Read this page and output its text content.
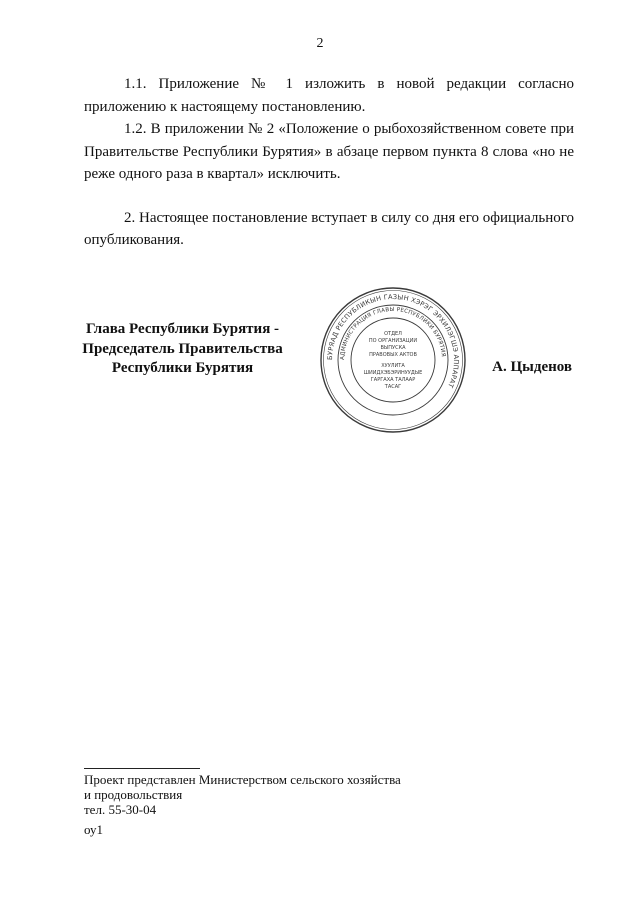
2

1.1. Приложение № 1 изложить в новой редакции согласно приложению к настоящему постановлению.

1.2. В приложении № 2 «Положение о рыбохозяйственном совете при Правительстве Республики Бурятия» в абзаце первом пункта 8 слова «но не реже одного раза в квартал» исключить.

2. Настоящее постановление вступает в силу со дня его официального опубликования.

Глава Республики Бурятия -
Председатель Правительства
Республики Бурятия
БУРЯАД РЕСПУБЛИКЫН ГАЗЫН ХЭРЭГ ЭРХИЛЭГШЭ АППАРАТ
АДМИНИСТРАЦИЯ ГЛАВЫ РЕСПУБЛИКИ БУРЯТИЯ
ОТДЕЛ
ПО ОРГАНИЗАЦИИ
ВЫПУСКА
ПРАВОВЫХ АКТОВ
ХУУЛИТА
ШИИДХЭБЭРИНУУДЫЕ
ГАРГАХА ТАЛААР
ТАСАГ
А. Цыденов
Проект представлен Министерством сельского хозяйства
и продовольствия
тел. 55-30-04
оу1
